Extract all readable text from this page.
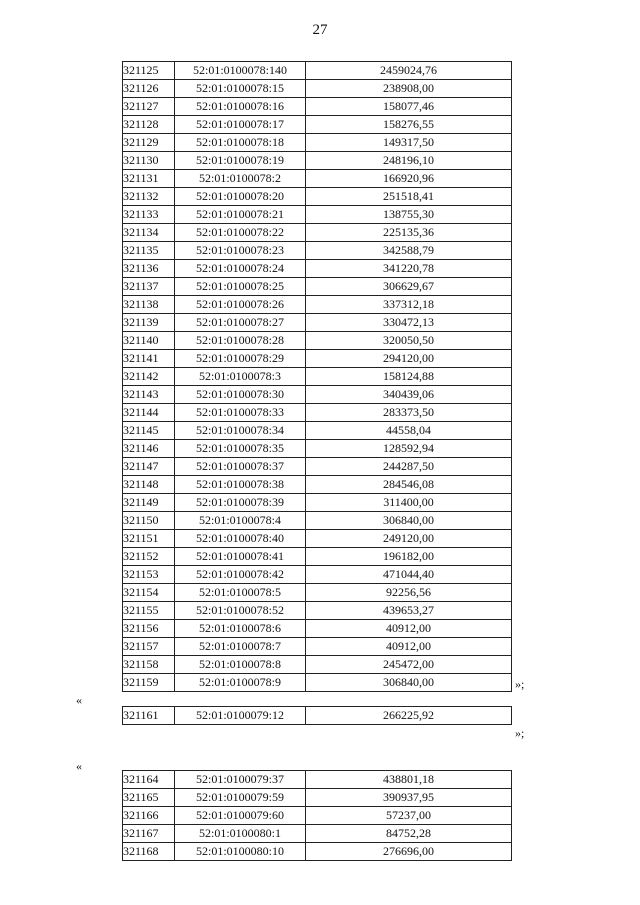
27
321125	52:01:0100078:140	2459024,76
321126	52:01:0100078:15	238908,00
321127	52:01:0100078:16	158077,46
321128	52:01:0100078:17	158276,55
321129	52:01:0100078:18	149317,50
321130	52:01:0100078:19	248196,10
321131	52:01:0100078:2	166920,96
321132	52:01:0100078:20	251518,41
321133	52:01:0100078:21	138755,30
321134	52:01:0100078:22	225135,36
321135	52:01:0100078:23	342588,79
321136	52:01:0100078:24	341220,78
321137	52:01:0100078:25	306629,67
321138	52:01:0100078:26	337312,18
321139	52:01:0100078:27	330472,13
321140	52:01:0100078:28	320050,50
321141	52:01:0100078:29	294120,00
321142	52:01:0100078:3	158124,88
321143	52:01:0100078:30	340439,06
321144	52:01:0100078:33	283373,50
321145	52:01:0100078:34	44558,04
321146	52:01:0100078:35	128592,94
321147	52:01:0100078:37	244287,50
321148	52:01:0100078:38	284546,08
321149	52:01:0100078:39	311400,00
321150	52:01:0100078:4	306840,00
321151	52:01:0100078:40	249120,00
321152	52:01:0100078:41	196182,00
321153	52:01:0100078:42	471044,40
321154	52:01:0100078:5	92256,56
321155	52:01:0100078:52	439653,27
321156	52:01:0100078:6	40912,00
321157	52:01:0100078:7	40912,00
321158	52:01:0100078:8	245472,00
321159	52:01:0100078:9	306840,00	»;
«
321161	52:01:0100079:12	266225,92
»;
«
321164	52:01:0100079:37	438801,18
321165	52:01:0100079:59	390937,95
321166	52:01:0100079:60	57237,00
321167	52:01:0100080:1	84752,28
321168	52:01:0100080:10	276696,00
